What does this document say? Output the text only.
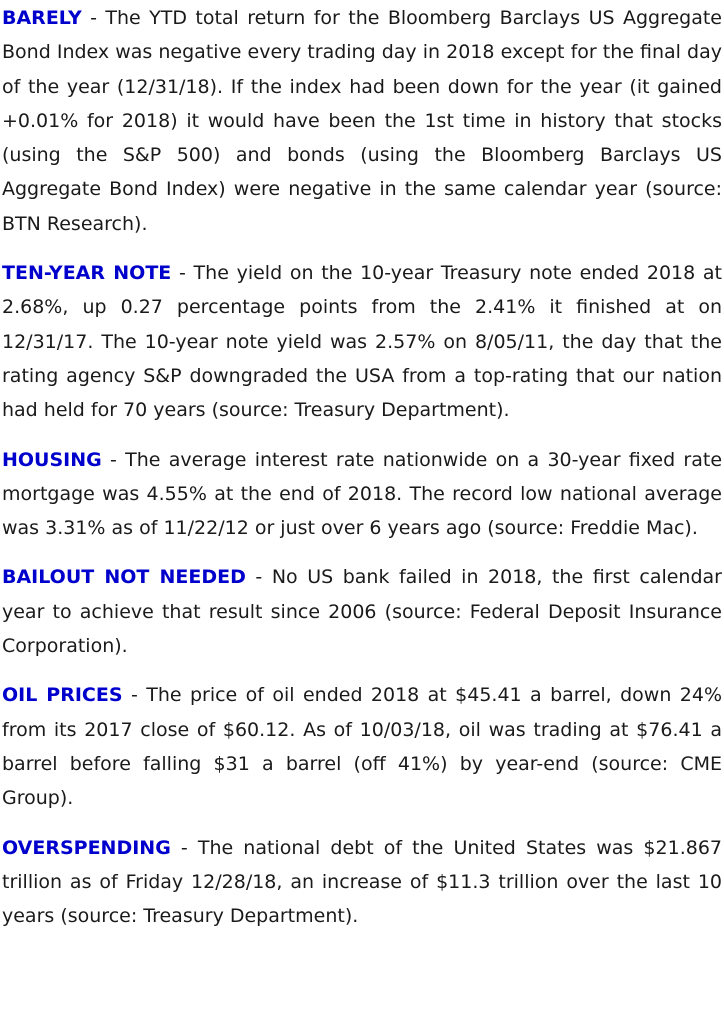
BARELY - The YTD total return for the Bloomberg Barclays US Aggregate Bond Index was negative every trading day in 2018 except for the final day of the year (12/31/18). If the index had been down for the year (it gained +0.01% for 2018) it would have been the 1st time in history that stocks (using the S&P 500) and bonds (using the Bloomberg Barclays US Aggregate Bond Index) were negative in the same calendar year (source: BTN Research).

TEN-YEAR NOTE - The yield on the 10-year Treasury note ended 2018 at 2.68%, up 0.27 percentage points from the 2.41% it finished at on 12/31/17. The 10-year note yield was 2.57% on 8/05/11, the day that the rating agency S&P downgraded the USA from a top-rating that our nation had held for 70 years (source: Treasury Department).

HOUSING - The average interest rate nationwide on a 30-year fixed rate mortgage was 4.55% at the end of 2018. The record low national average was 3.31% as of 11/22/12 or just over 6 years ago (source: Freddie Mac).

BAILOUT NOT NEEDED - No US bank failed in 2018, the first calendar year to achieve that result since 2006 (source: Federal Deposit Insurance Corporation).

OIL PRICES - The price of oil ended 2018 at $45.41 a barrel, down 24% from its 2017 close of $60.12. As of 10/03/18, oil was trading at $76.41 a barrel before falling $31 a barrel (off 41%) by year-end (source: CME Group).

OVERSPENDING - The national debt of the United States was $21.867 trillion as of Friday 12/28/18, an increase of $11.3 trillion over the last 10 years (source: Treasury Department).
